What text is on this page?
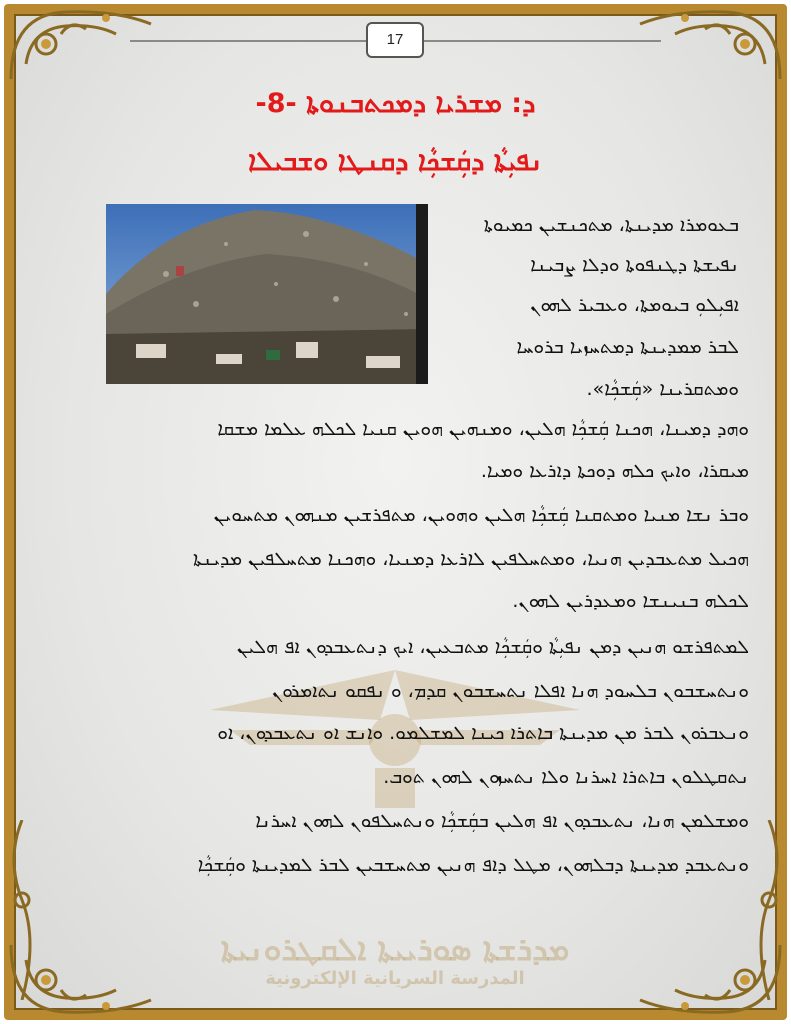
ܡܕܪܫܬܐ ܣܘܪܝܝܬܐ ܐܠܩܛܪܘܢܝܬܐ
المدرسة السريانية الإلكترونية
17
ܕ: ܡܫܪܝܐ ܕܡܟܬܒܢܘܬܐ -8-
ܢܦܝܼܬܵܐ ܕܩܲܫܟܼܵܐ ܕܩܢܛܐ ܘܫܒܝܠܐ
ܒܥܘܡܪܐ ܡܕܝܢܬܐ، ܡܬܟܢܫܝܢ ܟܡܝܘܬܐ
ܢܦܝܫܬܐ ܕܛܢܦܘܬܐ ܘܕܠܐ ܨܒܝܢܐ
ܐܦܝܼܠܘܼ ܒܝܘܡܬܐ، ܘܥܒܝܪ ܠܗܘܢ
ܠܒܪ ܡܡܕܝܢܬܐ ܕܡܬܚܙܝܐ ܒܪܘܚܐ
ܘܡܬܩܪܝܢܐ «ܩܲܫܟܼܵܐ».
ܘܗܕ ܕܡܝܢܐ، ܗܟܢܐ ܩܲܫܟܼܵܐ ܗܠܝܢ، ܘܡܢܗܝܢ ܗܘܝܢ ܩܢܝܐ ܠܟܠܗ ܥܠܡܐ ܡܫܩܐ
ܡܝܩܪܐ، ܘܐܝܟ ܟܠܗ ܕܘܟܬܐ ܕܐܪܥܐ ܘܡܝܐ.
ܘܒܪ ܢܫܐ ܡܢܝܐ ܘܡܬܩܢܐ ܩܲܫܟܼܵܐ ܗܠܝܢ ܘܗܘܝܢ، ܡܬܦܪܫܝܢ ܡܢܗܘܢ ܡܬܚܘܝܢ
ܗܟܝܠ ܡܬܥܒܕܝܢ ܗܢܝܐ، ܘܡܬܚܠܦܝܢ ܠܐܪܥܐ ܕܡܢܝܐ، ܘܗܟܢܐ ܡܬܚܠܦܝܢ ܡܕܝܢܬܐ
ܠܟܠܗ ܒܢܝܢܫܐ ܘܡܥܕܪܝܢ ܠܗܘܢ.
ܠܡܬܦܪܫܘ ܗܢܝܢ ܕܡܢ ܢܦܝܼܬܵܐ ܘܩܲܫܟܼܵܐ ܡܬܒܥܝܢ، ܐܝܟ ܕܢܬܥܒܕܘܢ ܐܦ ܗܠܝܢ
ܘܢܬܚܫܒܘܢ ܒܠܚܘܕ ܗܢܐ ܐܦܠܐ ܢܬܚܫܒܘܢ ܩܕܡ، ܘ ܢܦܩܘ ܢܬܐܡܪܘܢ
ܘܢܥܒܪܘܢ ܠܒܪ ܡܢ ܡܕܝܢܬܐ ܒܐܬܪܐ ܟܝܢܐ ܠܡܫܠܡܘ. ܘܐܢܫ ܐܘ ܢܬܥܒܕܘܢ، ܐܘ
ܢܬܩܛܠܘܢ ܒܐܬܪܐ ܐܚܪܢܐ ܘܠܐ ܢܬܚܙܘܢ ܠܗܘܢ ܬܘܒ.
ܘܡܫܠܡܢ ܗܢܐ، ܢܬܥܒܕܘܢ ܐܦ ܗܠܝܢ ܒܩܲܫܟܼܵܐ ܘܢܬܚܠܦܘܢ ܠܗܘܢ ܐܚܪܢܐ
ܘܢܬܥܒܕ ܡܕܝܢܬܐ ܕܒܠܗܘܢ، ܡܛܠ ܕܐܦ ܗܢܝܢ ܡܬܚܫܒܝܢ ܠܒܪ ܠܡܕܝܢܬܐ ܘܩܲܫܟܼܵܐ
